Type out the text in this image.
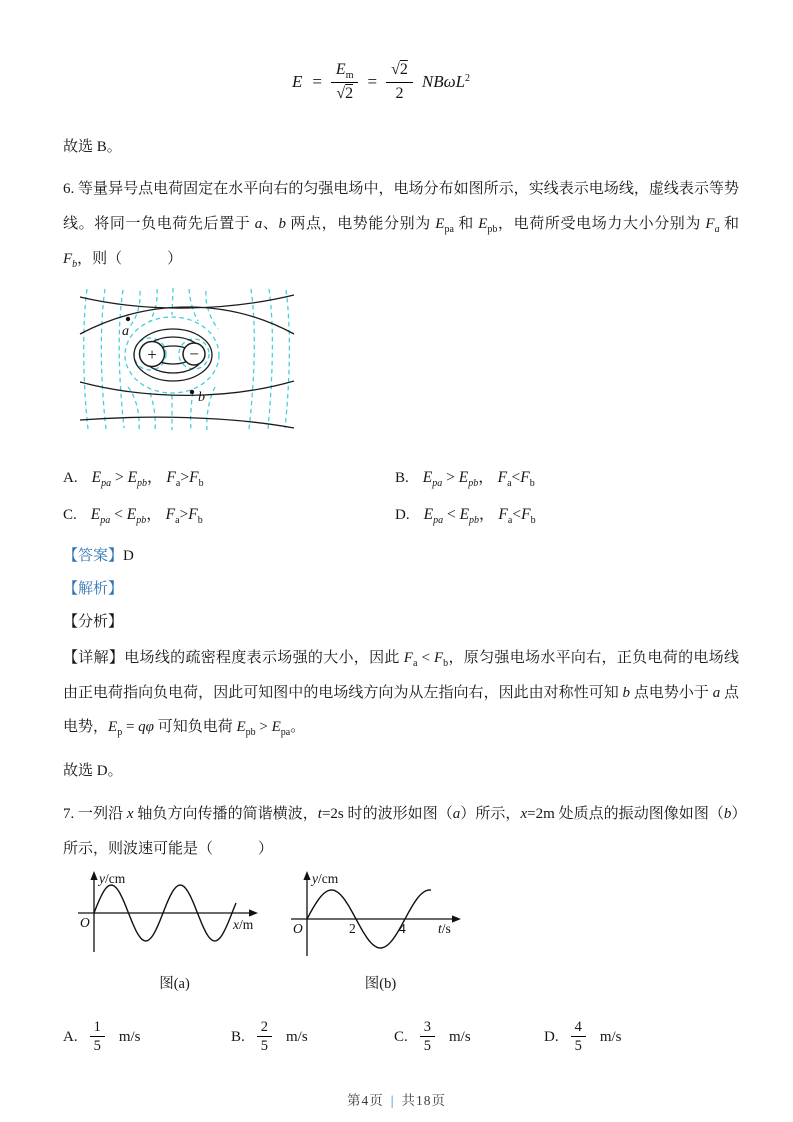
$E = \frac{E_m}{√2} = \frac{√2}{2} NB\omega L^2$

故选 B。

6. 等量异号点电荷固定在水平向右的匀强电场中，电场分布如图所示，实线表示电场线，虚线表示等势线。将同一负电荷先后置于 a、b 两点，电势能分别为 $E_{pa}$ 和 $E_{pb}$，电荷所受电场力大小分别为 $F_a$ 和 $F_b$，则（　　　）

+ −
a
b
A. $E_{pa} > E_{pb}$， $F_a>F_b$	B. $E_{pa} > E_{pb}$， $F_a<F_b$
C. $E_{pa} < E_{pb}$， $F_a>F_b$	D. $E_{pa} < E_{pb}$， $F_a<F_b$

【答案】D

【解析】

【分析】

【详解】电场线的疏密程度表示场强的大小，因此 $F_a < F_b$，原匀强电场水平向右，正负电荷的电场线由正电荷指向负电荷，因此可知图中的电场线方向为从左指向右，因此由对称性可知 b 点电势小于 a 点电势，$E_p = q\varphi$ 可知负电荷 $E_{pb} > E_{pa}$。

故选 D。

7. 一列沿 x 轴负方向传播的简谐横波，t=2s 时的波形如图（a）所示，x=2m 处质点的振动图像如图（b）所示，则波速可能是（　　　）

y/cm
O	x/m
图(a)
y/cm
O	2	4 t/s
图(b)
A. $\frac{1}{5} m/s$	B. $\frac{2}{5} m/s$	C. $\frac{3}{5} m/s$	D. $\frac{4}{5} m/s$
第4页 | 共18页
